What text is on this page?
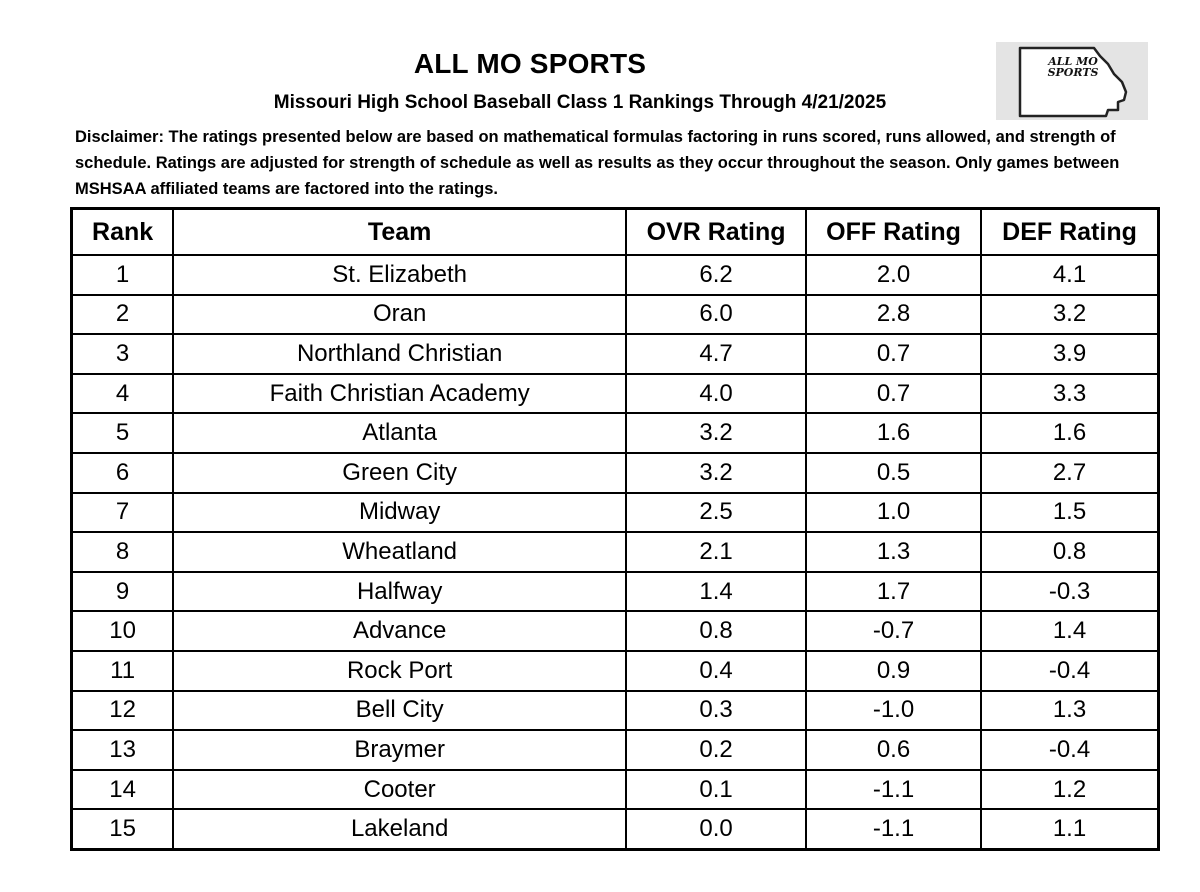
ALL MO SPORTS	ALL MO
SPORTS
Missouri High School Baseball Class 1 Rankings Through 4/21/2025
Disclaimer: The ratings presented below are based on mathematical formulas factoring in runs scored, runs allowed, and strength of schedule. Ratings are adjusted for strength of schedule as well as results as they occur throughout the season. Only games between MSHSAA affiliated teams are factored into the ratings.
Rank	Team	OVR Rating	OFF Rating	DEF Rating
1	St. Elizabeth	6.2	2.0	4.1
2	Oran	6.0	2.8	3.2
3	Northland Christian	4.7	0.7	3.9
4	Faith Christian Academy	4.0	0.7	3.3
5	Atlanta	3.2	1.6	1.6
6	Green City	3.2	0.5	2.7
7	Midway	2.5	1.0	1.5
8	Wheatland	2.1	1.3	0.8
9	Halfway	1.4	1.7	-0.3
10	Advance	0.8	-0.7	1.4
11	Rock Port	0.4	0.9	-0.4
12	Bell City	0.3	-1.0	1.3
13	Braymer	0.2	0.6	-0.4
14	Cooter	0.1	-1.1	1.2
15	Lakeland	0.0	-1.1	1.1
